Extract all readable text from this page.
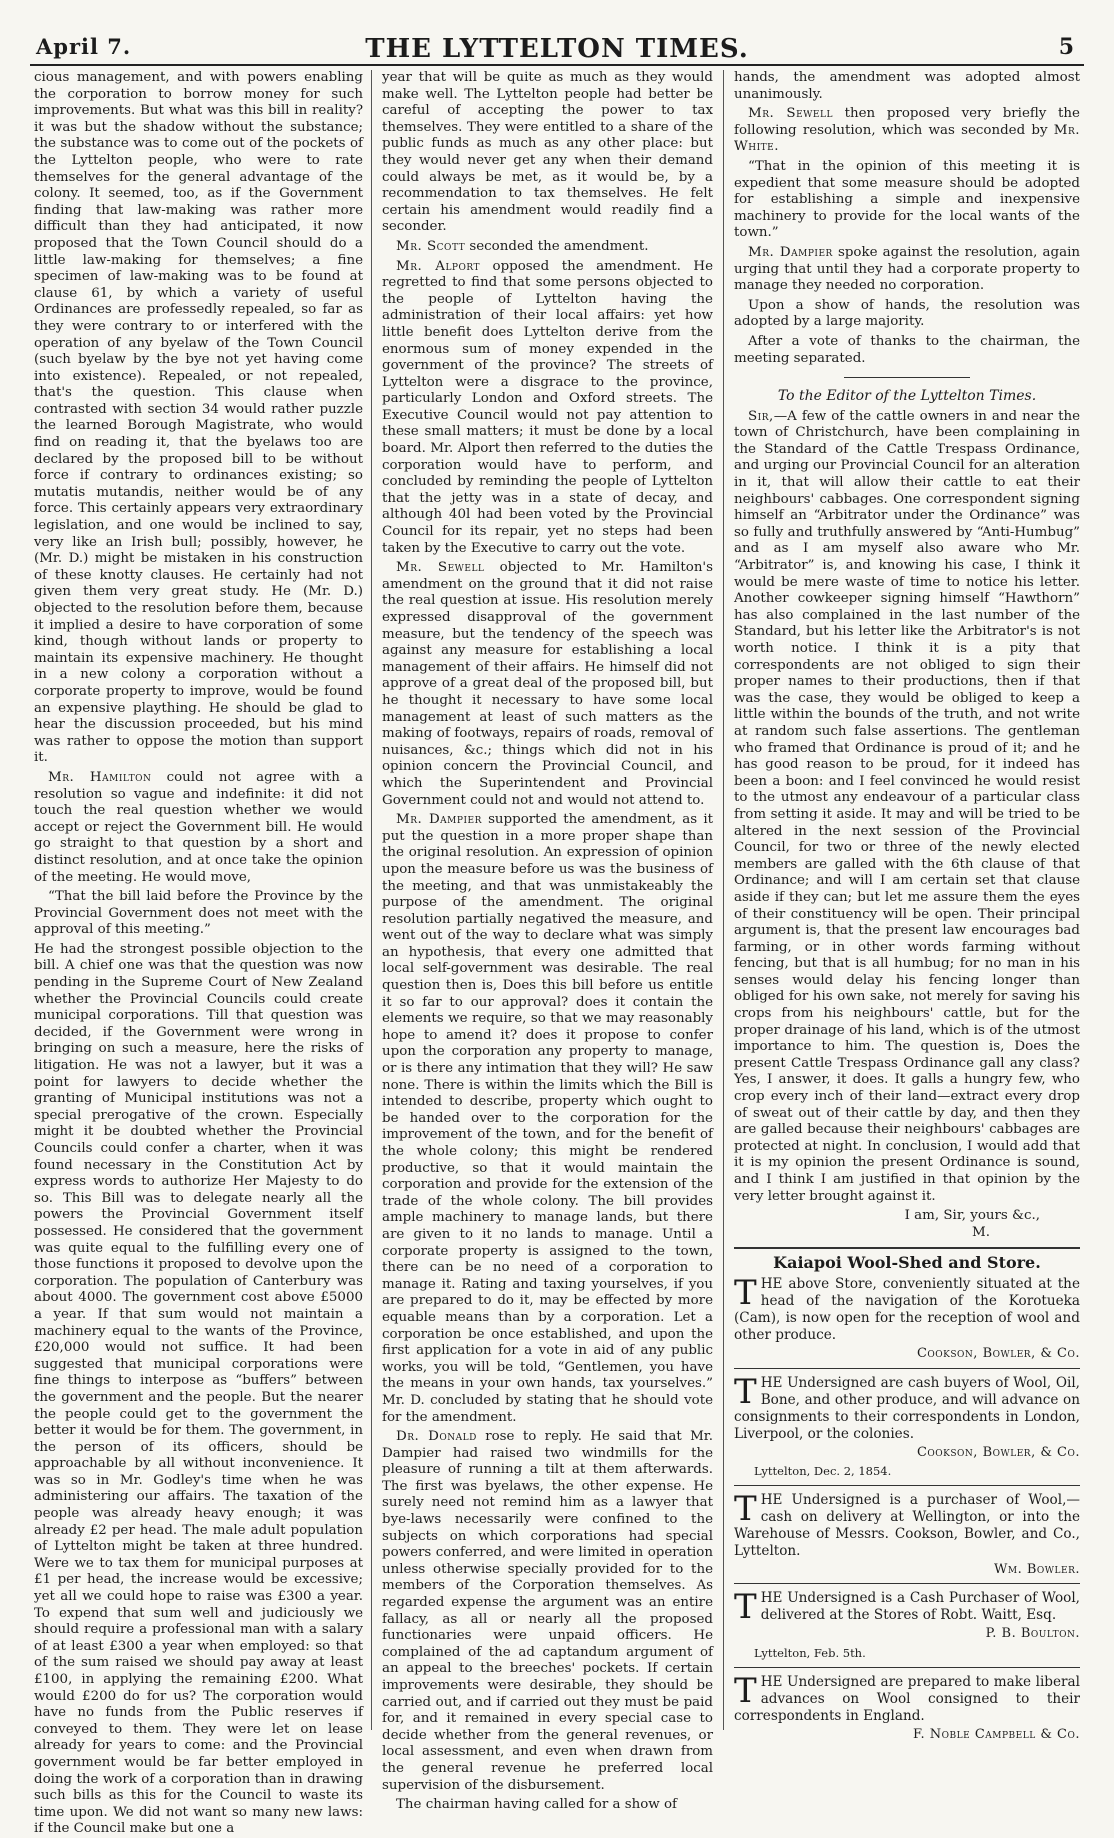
April 7.	THE LYTTELTON TIMES.	5

cious management, and with powers enabling the corporation to borrow money for such improvements. But what was this bill in reality? it was but the shadow without the substance; the substance was to come out of the pockets of the Lyttelton people, who were to rate themselves for the general advantage of the colony. It seemed, too, as if the Government finding that law-making was rather more difficult than they had anticipated, it now proposed that the Town Council should do a little law-making for themselves; a fine specimen of law-making was to be found at clause 61, by which a variety of useful Ordinances are professedly repealed, so far as they were contrary to or interfered with the operation of any byelaw of the Town Council (such byelaw by the bye not yet having come into existence). Repealed, or not repealed, that's the question. This clause when contrasted with section 34 would rather puzzle the learned Borough Magistrate, who would find on reading it, that the byelaws too are declared by the proposed bill to be without force if contrary to ordinances existing; so mutatis mutandis, neither would be of any force. This certainly appears very extraordinary legislation, and one would be inclined to say, very like an Irish bull; possibly, however, he (Mr. D.) might be mistaken in his construction of these knotty clauses. He certainly had not given them very great study. He (Mr. D.) objected to the resolution before them, because it implied a desire to have corporation of some kind, though without lands or property to maintain its expensive machinery. He thought in a new colony a corporation without a corporate property to improve, would be found an expensive plaything. He should be glad to hear the discussion proceeded, but his mind was rather to oppose the motion than support it.

Mr. Hamilton could not agree with a resolution so vague and indefinite: it did not touch the real question whether we would accept or reject the Government bill. He would go straight to that question by a short and distinct resolution, and at once take the opinion of the meeting. He would move,

“That the bill laid before the Province by the Provincial Government does not meet with the approval of this meeting.”

He had the strongest possible objection to the bill. A chief one was that the question was now pending in the Supreme Court of New Zealand whether the Provincial Councils could create municipal corporations. Till that question was decided, if the Government were wrong in bringing on such a measure, here the risks of litigation. He was not a lawyer, but it was a point for lawyers to decide whether the granting of Municipal institutions was not a special prerogative of the crown. Especially might it be doubted whether the Provincial Councils could confer a charter, when it was found necessary in the Constitution Act by express words to authorize Her Majesty to do so. This Bill was to delegate nearly all the powers the Provincial Government itself possessed. He considered that the government was quite equal to the fulfilling every one of those functions it proposed to devolve upon the corporation. The population of Canterbury was about 4000. The government cost above £5000 a year. If that sum would not maintain a machinery equal to the wants of the Province, £20,000 would not suffice. It had been suggested that municipal corporations were fine things to interpose as “buffers” between the government and the people. But the nearer the people could get to the government the better it would be for them. The government, in the person of its officers, should be approachable by all without inconvenience. It was so in Mr. Godley's time when he was administering our affairs. The taxation of the people was already heavy enough; it was already £2 per head. The male adult population of Lyttelton might be taken at three hundred. Were we to tax them for municipal purposes at £1 per head, the increase would be excessive; yet all we could hope to raise was £300 a year. To expend that sum well and judiciously we should require a professional man with a salary of at least £300 a year when employed: so that of the sum raised we should pay away at least £100, in applying the remaining £200. What would £200 do for us? The corporation would have no funds from the Public reserves if conveyed to them. They were let on lease already for years to come: and the Provincial government would be far better employed in doing the work of a corporation than in drawing such bills as this for the Council to waste its time upon. We did not want so many new laws: if the Council make but one a

year that will be quite as much as they would make well. The Lyttelton people had better be careful of accepting the power to tax themselves. They were entitled to a share of the public funds as much as any other place: but they would never get any when their demand could always be met, as it would be, by a recommendation to tax themselves. He felt certain his amendment would readily find a seconder.

Mr. Scott seconded the amendment.

Mr. Alport opposed the amendment. He regretted to find that some persons objected to the people of Lyttelton having the administration of their local affairs: yet how little benefit does Lyttelton derive from the enormous sum of money expended in the government of the province? The streets of Lyttelton were a disgrace to the province, particularly London and Oxford streets. The Executive Council would not pay attention to these small matters; it must be done by a local board. Mr. Alport then referred to the duties the corporation would have to perform, and concluded by reminding the people of Lyttelton that the jetty was in a state of decay, and although 40l had been voted by the Provincial Council for its repair, yet no steps had been taken by the Executive to carry out the vote.

Mr. Sewell objected to Mr. Hamilton's amendment on the ground that it did not raise the real question at issue. His resolution merely expressed disapproval of the government measure, but the tendency of the speech was against any measure for establishing a local management of their affairs. He himself did not approve of a great deal of the proposed bill, but he thought it necessary to have some local management at least of such matters as the making of footways, repairs of roads, removal of nuisances, &c.; things which did not in his opinion concern the Provincial Council, and which the Superintendent and Provincial Government could not and would not attend to.

Mr. Dampier supported the amendment, as it put the question in a more proper shape than the original resolution. An expression of opinion upon the measure before us was the business of the meeting, and that was unmistakeably the purpose of the amendment. The original resolution partially negatived the measure, and went out of the way to declare what was simply an hypothesis, that every one admitted that local self-government was desirable. The real question then is, Does this bill before us entitle it so far to our approval? does it contain the elements we require, so that we may reasonably hope to amend it? does it propose to confer upon the corporation any property to manage, or is there any intimation that they will? He saw none. There is within the limits which the Bill is intended to describe, property which ought to be handed over to the corporation for the improvement of the town, and for the benefit of the whole colony; this might be rendered productive, so that it would maintain the corporation and provide for the extension of the trade of the whole colony. The bill provides ample machinery to manage lands, but there are given to it no lands to manage. Until a corporate property is assigned to the town, there can be no need of a corporation to manage it. Rating and taxing yourselves, if you are prepared to do it, may be effected by more equable means than by a corporation. Let a corporation be once established, and upon the first application for a vote in aid of any public works, you will be told, “Gentlemen, you have the means in your own hands, tax yourselves.” Mr. D. concluded by stating that he should vote for the amendment.

Dr. Donald rose to reply. He said that Mr. Dampier had raised two windmills for the pleasure of running a tilt at them afterwards. The first was byelaws, the other expense. He surely need not remind him as a lawyer that bye-laws necessarily were confined to the subjects on which corporations had special powers conferred, and were limited in operation unless otherwise specially provided for to the members of the Corporation themselves. As regarded expense the argument was an entire fallacy, as all or nearly all the proposed functionaries were unpaid officers. He complained of the ad captandum argument of an appeal to the breeches' pockets. If certain improvements were desirable, they should be carried out, and if carried out they must be paid for, and it remained in every special case to decide whether from the general revenues, or local assessment, and even when drawn from the general revenue he preferred local supervision of the disbursement.

The chairman having called for a show of

hands, the amendment was adopted almost unanimously.

Mr. Sewell then proposed very briefly the following resolution, which was seconded by Mr. White.

“That in the opinion of this meeting it is expedient that some measure should be adopted for establishing a simple and inexpensive machinery to provide for the local wants of the town.”

Mr. Dampier spoke against the resolution, again urging that until they had a corporate property to manage they needed no corporation.

Upon a show of hands, the resolution was adopted by a large majority.

After a vote of thanks to the chairman, the meeting separated.

To the Editor of the Lyttelton Times.

Sir,—A few of the cattle owners in and near the town of Christchurch, have been complaining in the Standard of the Cattle Trespass Ordinance, and urging our Provincial Council for an alteration in it, that will allow their cattle to eat their neighbours' cabbages. One correspondent signing himself an “Arbitrator under the Ordinance” was so fully and truthfully answered by “Anti-Humbug” and as I am myself also aware who Mr. “Arbitrator” is, and knowing his case, I think it would be mere waste of time to notice his letter. Another cowkeeper signing himself “Hawthorn” has also complained in the last number of the Standard, but his letter like the Arbitrator's is not worth notice. I think it is a pity that correspondents are not obliged to sign their proper names to their productions, then if that was the case, they would be obliged to keep a little within the bounds of the truth, and not write at random such false assertions. The gentleman who framed that Ordinance is proud of it; and he has good reason to be proud, for it indeed has been a boon: and I feel convinced he would resist to the utmost any endeavour of a particular class from setting it aside. It may and will be tried to be altered in the next session of the Provincial Council, for two or three of the newly elected members are galled with the 6th clause of that Ordinance; and will I am certain set that clause aside if they can; but let me assure them the eyes of their constituency will be open. Their principal argument is, that the present law encourages bad farming, or in other words farming without fencing, but that is all humbug; for no man in his senses would delay his fencing longer than obliged for his own sake, not merely for saving his crops from his neighbours' cattle, but for the proper drainage of his land, which is of the utmost importance to him. The question is, Does the present Cattle Trespass Ordinance gall any class? Yes, I answer, it does. It galls a hungry few, who crop every inch of their land—extract every drop of sweat out of their cattle by day, and then they are galled because their neighbours' cabbages are protected at night. In conclusion, I would add that it is my opinion the present Ordinance is sound, and I think I am justified in that opinion by the very letter brought against it.

I am, Sir, yours &c.,
M.
Kaiapoi Wool-Shed and Store.

THE above Store, conveniently situated at the head of the navigation of the Korotueka (Cam), is now open for the reception of wool and other produce.

Cookson, Bowler, & Co.

THE Undersigned are cash buyers of Wool, Oil, Bone, and other produce, and will advance on consignments to their correspondents in London, Liverpool, or the colonies.

Cookson, Bowler, & Co.
Lyttelton, Dec. 2, 1854.

THE Undersigned is a purchaser of Wool,—cash on delivery at Wellington, or into the Warehouse of Messrs. Cookson, Bowler, and Co., Lyttelton.

Wm. Bowler.

THE Undersigned is a Cash Purchaser of Wool, delivered at the Stores of Robt. Waitt, Esq.

P. B. Boulton.
Lyttelton, Feb. 5th.

THE Undersigned are prepared to make liberal advances on Wool consigned to their correspondents in England.

F. Noble Campbell & Co.
